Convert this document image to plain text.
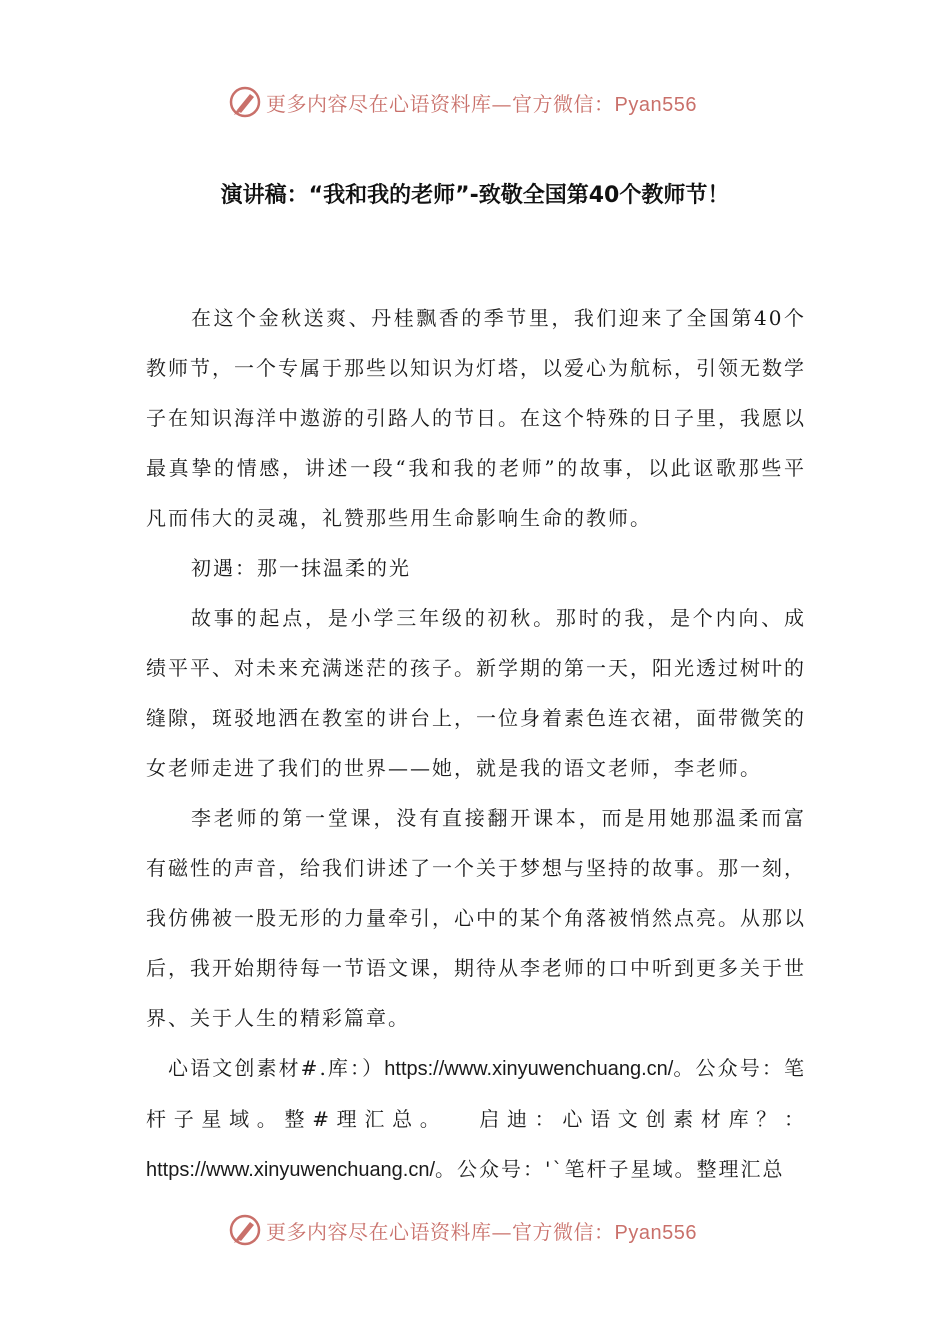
更多内容尽在心语资料库—官方微信：Pyan556
演讲稿：“我和我的老师”-致敬全国第40个教师节！

在这个金秋送爽、丹桂飘香的季节里，我们迎来了全国第40个教师节，一个专属于那些以知识为灯塔，以爱心为航标，引领无数学子在知识海洋中遨游的引路人的节日。在这个特殊的日子里，我愿以最真挚的情感，讲述一段“我和我的老师”的故事，以此讴歌那些平凡而伟大的灵魂，礼赞那些用生命影响生命的教师。

初遇：那一抹温柔的光

故事的起点，是小学三年级的初秋。那时的我，是个内向、成绩平平、对未来充满迷茫的孩子。新学期的第一天，阳光透过树叶的缝隙，斑驳地洒在教室的讲台上，一位身着素色连衣裙，面带微笑的女老师走进了我们的世界——她，就是我的语文老师，李老师。

李老师的第一堂课，没有直接翻开课本，而是用她那温柔而富有磁性的声音，给我们讲述了一个关于梦想与坚持的故事。那一刻，我仿佛被一股无形的力量牵引，心中的某个角落被悄然点亮。从那以后，我开始期待每一节语文课，期待从李老师的口中听到更多关于世界、关于人生的精彩篇章。

心语文创素材#.库：）https://www.xinyuwenchuang.cn/。公众号：笔杆子星域。整#理汇总。　 启迪：心语文创素材库？：https://www.xinyuwenchuang.cn/。公众号：'`笔杆子星域。整理汇总

更多内容尽在心语资料库—官方微信：Pyan556
